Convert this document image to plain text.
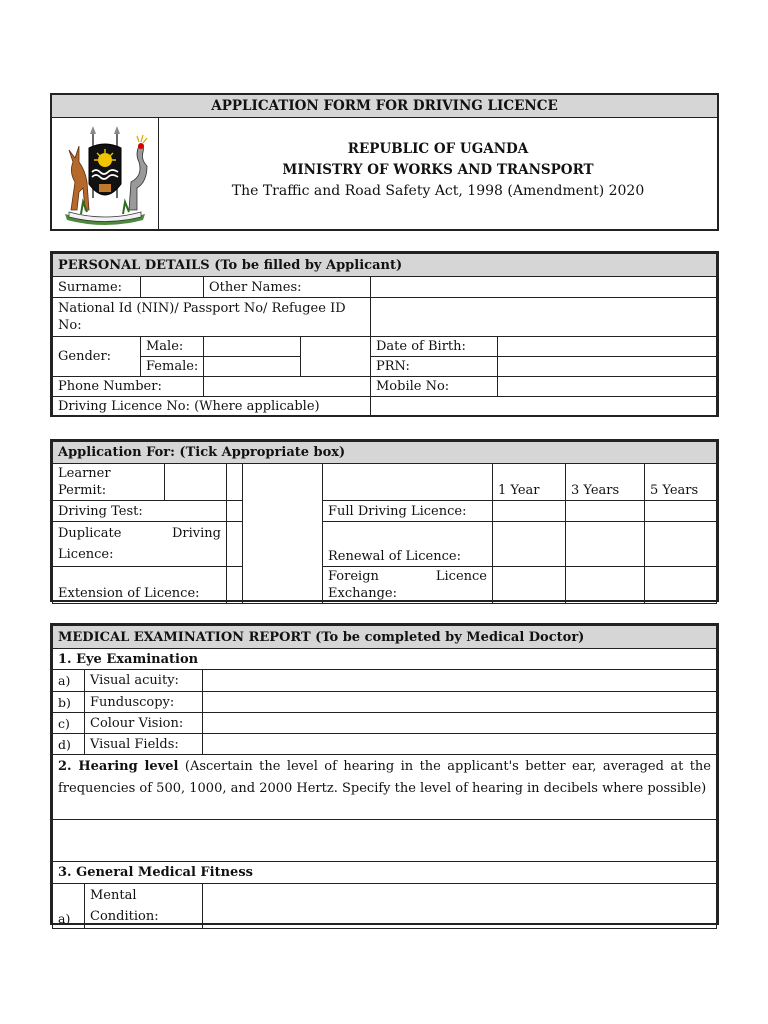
APPLICATION FORM FOR DRIVING LICENCE
REPUBLIC OF UGANDA
MINISTRY OF WORKS AND TRANSPORT
The Traffic and Road Safety Act, 1998 (Amendment) 2020
PERSONAL DETAILS (To be filled by Applicant)					
Surname:		Other Names:			
National Id (NIN)/ Passport No/ Refugee ID No:					
Gender:	Male:			Date of Birth:	
	Female:			PRN:	
Phone Number:				Mobile No:	
Driving Licence No: (Where applicable)					
Application For: (Tick Appropriate box)							
Learner Permit:					1 Year	3 Years	5 Years
Driving Test:				Full Driving Licence:			
Duplicate Driving Licence:				Renewal of Licence:			
Extension of Licence:				Foreign Licence Exchange:			
MEDICAL EXAMINATION REPORT (To be completed by Medical Doctor)		
1. Eye Examination		
a)	Visual acuity:	
b)	Funduscopy:	
c)	Colour Vision:	
d)	Visual Fields:	
2. Hearing level (Ascertain the level of hearing in the applicant's better ear, averaged at the frequencies of 500, 1000, and 2000 Hertz. Specify the level of hearing in decibels where possible)		

3. General Medical Fitness		
a)	Mental Condition:	
